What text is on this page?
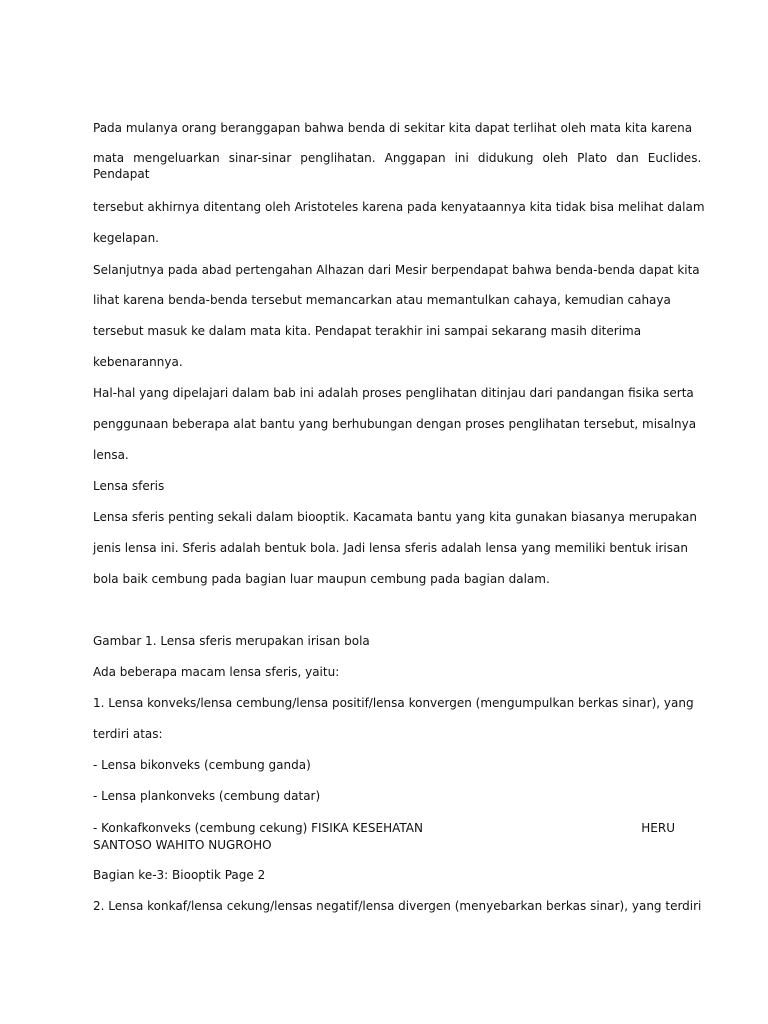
Pada mulanya orang beranggapan bahwa benda di sekitar kita dapat terlihat oleh mata kita karena
mata mengeluarkan sinar-sinar penglihatan. Anggapan ini didukung oleh Plato dan Euclides.
Pendapat
tersebut akhirnya ditentang oleh Aristoteles karena pada kenyataannya kita tidak bisa melihat dalam
kegelapan.
Selanjutnya pada abad pertengahan Alhazan dari Mesir berpendapat bahwa benda-benda dapat kita
lihat karena benda-benda tersebut memancarkan atau memantulkan cahaya, kemudian cahaya
tersebut masuk ke dalam mata kita. Pendapat terakhir ini sampai sekarang masih diterima
kebenarannya.
Hal-hal yang dipelajari dalam bab ini adalah proses penglihatan ditinjau dari pandangan fisika serta
penggunaan beberapa alat bantu yang berhubungan dengan proses penglihatan tersebut, misalnya
lensa.
Lensa sferis
Lensa sferis penting sekali dalam biooptik. Kacamata bantu yang kita gunakan biasanya merupakan
jenis lensa ini. Sferis adalah bentuk bola. Jadi lensa sferis adalah lensa yang memiliki bentuk irisan
bola baik cembung pada bagian luar maupun cembung pada bagian dalam.
Gambar 1. Lensa sferis merupakan irisan bola
Ada beberapa macam lensa sferis, yaitu:
1. Lensa konveks/lensa cembung/lensa positif/lensa konvergen (mengumpulkan berkas sinar), yang
terdiri atas:
- Lensa bikonveks (cembung ganda)
- Lensa plankonveks (cembung datar)
- Konkafkonveks (cembung cekung) FISIKA KESEHATAN	HERU
SANTOSO WAHITO NUGROHO
Bagian ke-3: Biooptik Page 2
2. Lensa konkaf/lensa cekung/lensas negatif/lensa divergen (menyebarkan berkas sinar), yang terdiri
